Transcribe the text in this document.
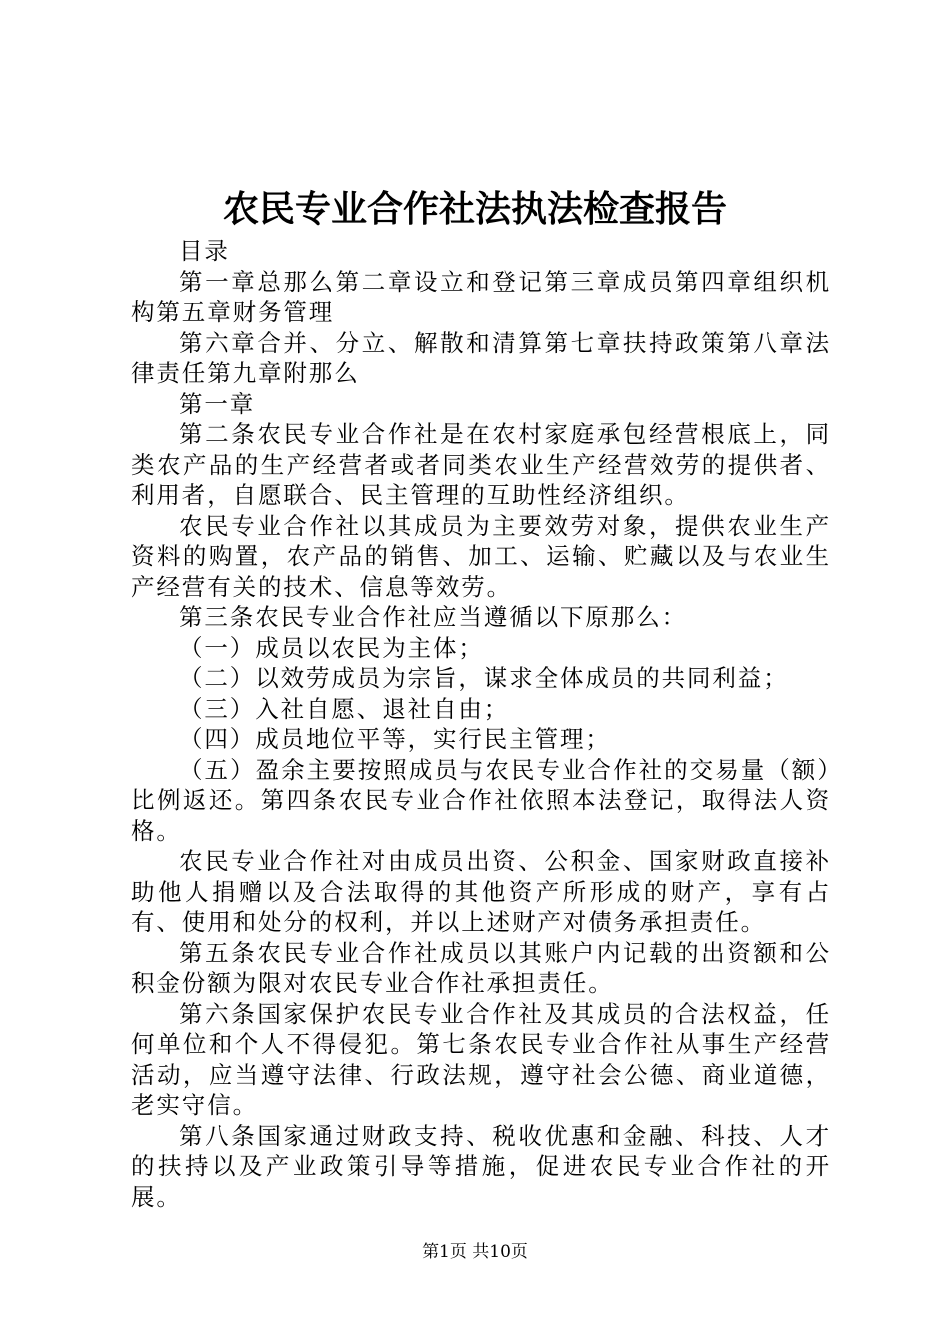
农民专业合作社法执法检查报告

目录

第一章总那么第二章设立和登记第三章成员第四章组织机构第五章财务管理

第六章合并、分立、解散和清算第七章扶持政策第八章法律责任第九章附那么

第一章

第二条农民专业合作社是在农村家庭承包经营根底上，同类农产品的生产经营者或者同类农业生产经营效劳的提供者、利用者，自愿联合、民主管理的互助性经济组织。

农民专业合作社以其成员为主要效劳对象，提供农业生产资料的购置，农产品的销售、加工、运输、贮藏以及与农业生产经营有关的技术、信息等效劳。

第三条农民专业合作社应当遵循以下原那么：

（一）成员以农民为主体；

（二）以效劳成员为宗旨，谋求全体成员的共同利益；

（三）入社自愿、退社自由；

（四）成员地位平等，实行民主管理；

（五）盈余主要按照成员与农民专业合作社的交易量（额）比例返还。第四条农民专业合作社依照本法登记，取得法人资格。

农民专业合作社对由成员出资、公积金、国家财政直接补助他人捐赠以及合法取得的其他资产所形成的财产，享有占有、使用和处分的权利，并以上述财产对债务承担责任。

第五条农民专业合作社成员以其账户内记载的出资额和公积金份额为限对农民专业合作社承担责任。

第六条国家保护农民专业合作社及其成员的合法权益，任何单位和个人不得侵犯。第七条农民专业合作社从事生产经营活动，应当遵守法律、行政法规，遵守社会公德、商业道德，老实守信。

第八条国家通过财政支持、税收优惠和金融、科技、人才的扶持以及产业政策引导等措施，促进农民专业合作社的开展。

第1页 共10页
